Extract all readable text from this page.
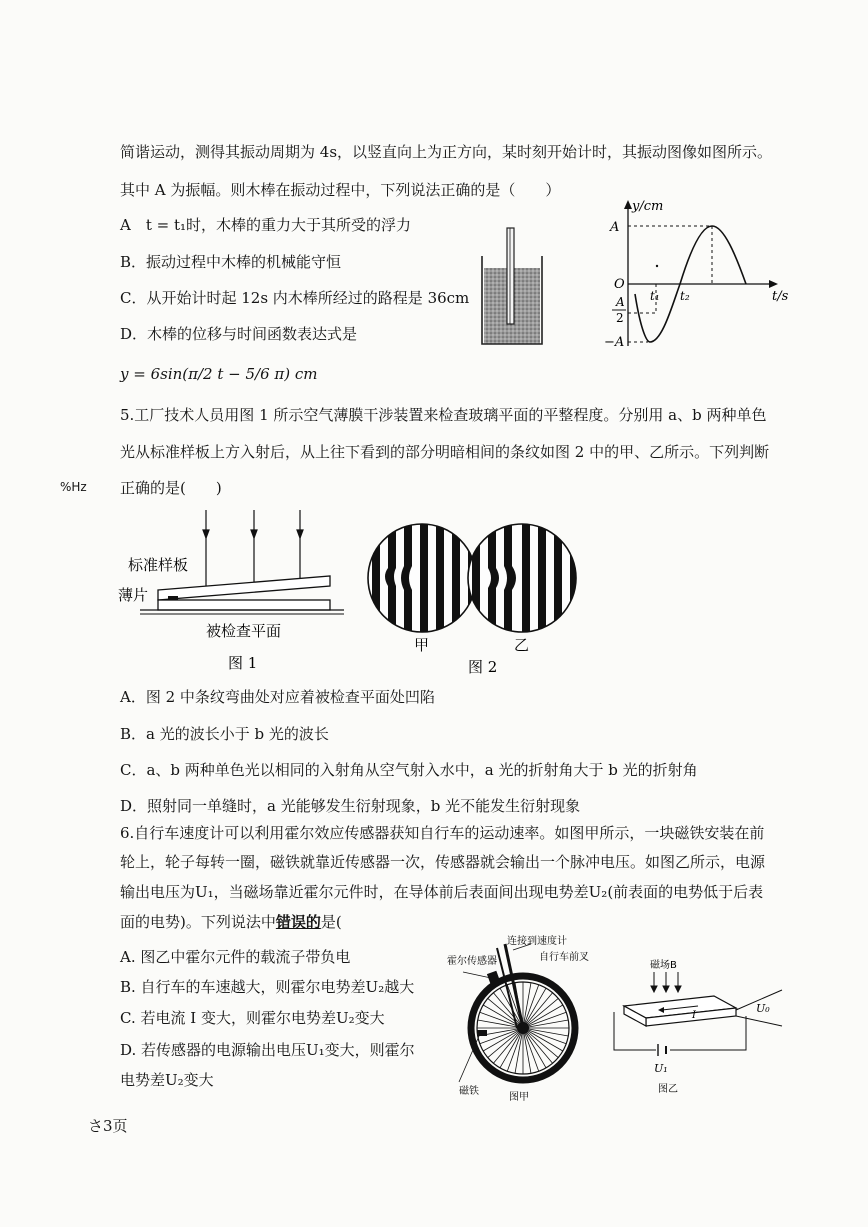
简谐运动，测得其振动周期为 4s，以竖直向上为正方向，某时刻开始计时，其振动图像如图所示。
其中 A 为振幅。则木棒在振动过程中，下列说法正确的是（　　）
A　t = t₁时，木棒的重力大于其所受的浮力
B．振动过程中木棒的机械能守恒
C．从开始计时起 12s 内木棒所经过的路程是 36cm
D．木棒的位移与时间函数表达式是
y = 6sin(π/2 t − 5/6 π) cm
y/cm
t/s
O
A
A
2
−A
t₁ t₂
5.工厂技术人员用图 1 所示空气薄膜干涉装置来检查玻璃平面的平整程度。分别用 a、b 两种单色
光从标准样板上方入射后，从上往下看到的部分明暗相间的条纹如图 2 中的甲、乙所示。下列判断
%Hz 正确的是(　　)
标准样板
薄片
被检查平面
图 1
甲	乙
图 2
A．图 2 中条纹弯曲处对应着被检查平面处凹陷
B．a 光的波长小于 b 光的波长
C．a、b 两种单色光以相同的入射角从空气射入水中，a 光的折射角大于 b 光的折射角
D．照射同一单缝时，a 光能够发生衍射现象，b 光不能发生衍射现象
6.自行车速度计可以利用霍尔效应传感器获知自行车的运动速率。如图甲所示，一块磁铁安装在前
轮上，轮子每转一圈，磁铁就靠近传感器一次，传感器就会输出一个脉冲电压。如图乙所示，电源
输出电压为U₁，当磁场靠近霍尔元件时，在导体前后表面间出现电势差U₂(前表面的电势低于后表
面的电势)。下列说法中错误的是(
A. 图乙中霍尔元件的载流子带负电
B. 自行车的车速越大，则霍尔电势差U₂越大
C. 若电流 I 变大，则霍尔电势差U₂变大
D. 若传感器的电源输出电压U₁变大，则霍尔
电势差U₂变大
霍尔传感器
连接到速度计
自行车前叉
磁铁
图甲
磁场B
I
U₀
U₁
图乙
さ3页
